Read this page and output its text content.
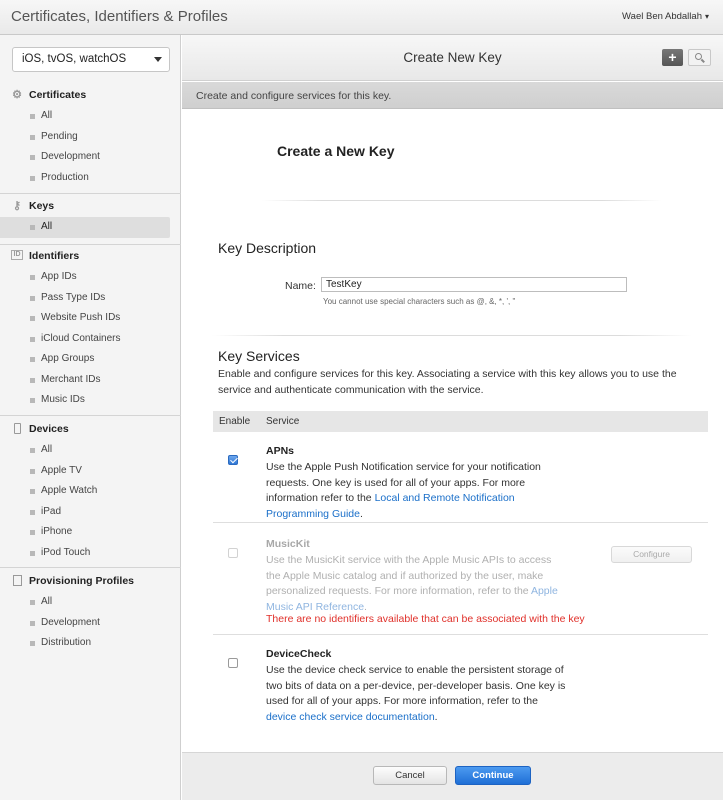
Certificates, Identifiers & Profiles	Wael Ben Abdallah ▾
iOS, tvOS, watchOS
⚙ Certificates
All
Pending
Development
Production
⚷ Keys
All
ID Identifiers
App IDs
Pass Type IDs
Website Push IDs
iCloud Containers
App Groups
Merchant IDs
Music IDs
Devices
All
Apple TV
Apple Watch
iPad
iPhone
iPod Touch
Provisioning Profiles
All
Development
Distribution
Create New Key	+
Create and configure services for this key.
Create a New Key
Key Description
Name:
TestKey
You cannot use special characters such as @, &, *, ', "
Key Services
Enable and configure services for this key. Associating a service with this key allows you to use the service and authenticate communication with the service.
Enable Service
APNs
Use the Apple Push Notification service for your notification requests. One key is used for all of your apps. For more information refer to the Local and Remote Notification Programming Guide.
MusicKit
Use the MusicKit service with the Apple Music APIs to access the Apple Music catalog and if authorized by the user, make personalized requests. For more information, refer to the Apple Music API Reference.
There are no identifiers available that can be associated with the key
Configure
DeviceCheck
Use the device check service to enable the persistent storage of two bits of data on a per-device, per-developer basis. One key is used for all of your apps. For more information, refer to the device check service documentation.
Cancel	Continue
